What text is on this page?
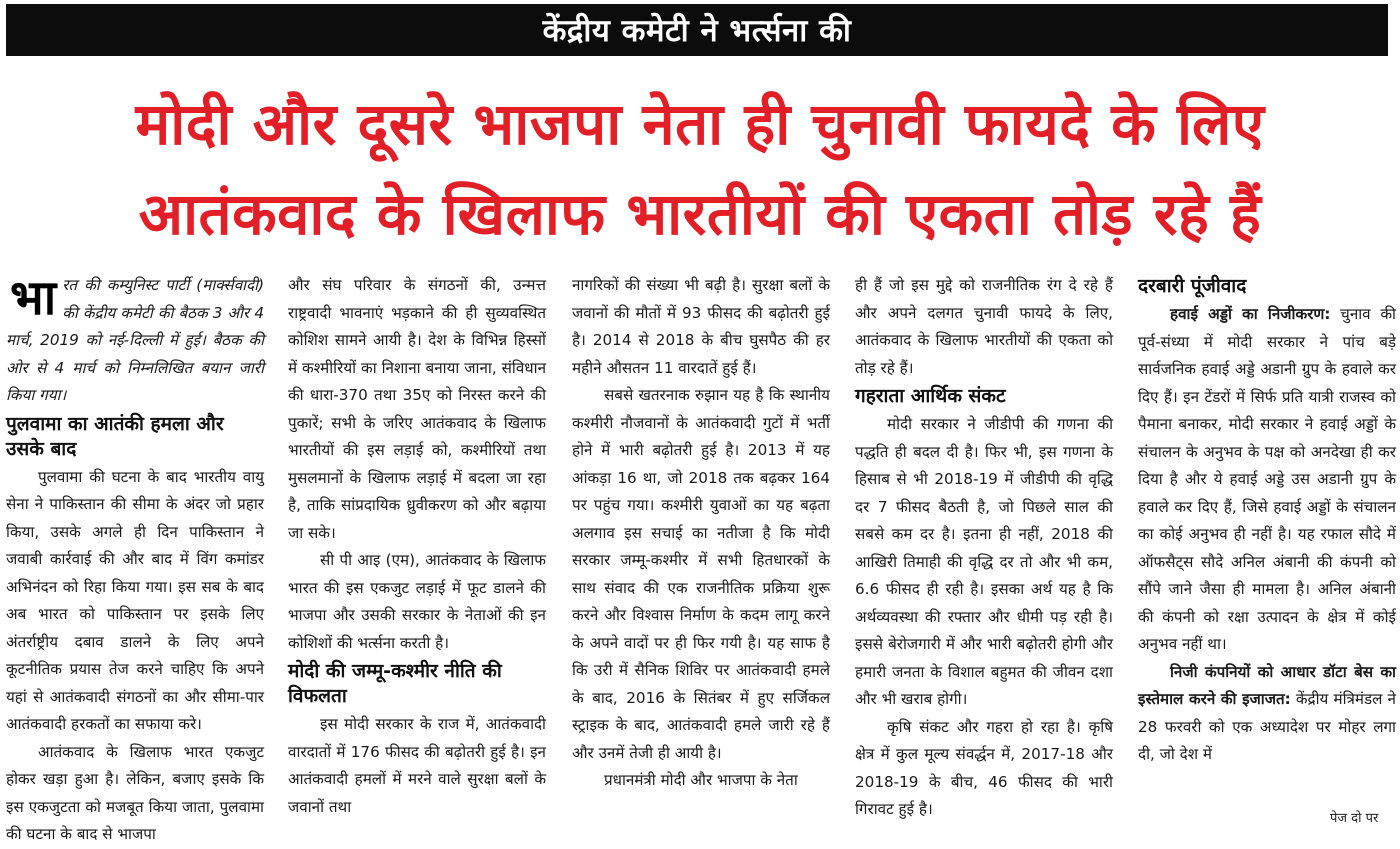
केंद्रीय कमेटी ने भर्त्सना की
मोदी और दूसरे भाजपा नेता ही चुनावी फायदे के लिए
आतंकवाद के खिलाफ भारतीयों की एकता तोड़ रहे हैं

भारत की कम्युनिस्ट पार्टी (मार्क्सवादी) की केंद्रीय कमेटी की बैठक 3 और 4 मार्च, 2019 को नई-दिल्ली में हुई। बैठक की ओर से 4 मार्च को निम्नलिखित बयान जारी किया गया।

पुलवामा का आतंकी हमला और उसके बाद

पुलवामा की घटना के बाद भारतीय वायु सेना ने पाकिस्तान की सीमा के अंदर जो प्रहार किया, उसके अगले ही दिन पाकिस्तान ने जवाबी कार्रवाई की और बाद में विंग कमांडर अभिनंदन को रिहा किया गया। इस सब के बाद अब भारत को पाकिस्तान पर इसके लिए अंतर्राष्ट्रीय दबाव डालने के लिए अपने कूटनीतिक प्रयास तेज करने चाहिए कि अपने यहां से आतंकवादी संगठनों का और सीमा-पार आतंकवादी हरकतों का सफाया करे।

आतंकवाद के खिलाफ भारत एकजुट होकर खड़ा हुआ है। लेकिन, बजाए इसके कि इस एकजुटता को मजबूत किया जाता, पुलवामा की घटना के बाद से भाजपा

और संघ परिवार के संगठनों की, उन्मत्त राष्ट्रवादी भावनाएं भड़काने की ही सुव्यवस्थित कोशिश सामने आयी है। देश के विभिन्न हिस्सों में कश्मीरियों का निशाना बनाया जाना, संविधान की धारा-370 तथा 35ए को निरस्त करने की पुकारें; सभी के जरिए आतंकवाद के खिलाफ भारतीयों की इस लड़ाई को, कश्मीरियों तथा मुसलमानों के खिलाफ लड़ाई में बदला जा रहा है, ताकि सांप्रदायिक ध्रुवीकरण को और बढ़ाया जा सके।

सी पी आइ (एम), आतंकवाद के खिलाफ भारत की इस एकजुट लड़ाई में फूट डालने की भाजपा और उसकी सरकार के नेताओं की इन कोशिशों की भर्त्सना करती है।

मोदी की जम्मू-कश्मीर नीति की विफलता

इस मोदी सरकार के राज में, आतंकवादी वारदातों में 176 फीसद की बढ़ोतरी हुई है। इन आतंकवादी हमलों में मरने वाले सुरक्षा बलों के जवानों तथा

नागरिकों की संख्या भी बढ़ी है। सुरक्षा बलों के जवानों की मौतों में 93 फीसद की बढ़ोतरी हुई है। 2014 से 2018 के बीच घुसपैठ की हर महीने औसतन 11 वारदातें हुई हैं।

सबसे खतरनाक रुझान यह है कि स्थानीय कश्मीरी नौजवानों के आतंकवादी गुटों में भर्ती होने में भारी बढ़ोतरी हुई है। 2013 में यह आंकड़ा 16 था, जो 2018 तक बढ़कर 164 पर पहुंच गया। कश्मीरी युवाओं का यह बढ़ता अलगाव इस सचाई का नतीजा है कि मोदी सरकार जम्मू-कश्मीर में सभी हितधारकों के साथ संवाद की एक राजनीतिक प्रक्रिया शुरू करने और विश्वास निर्माण के कदम लागू करने के अपने वादों पर ही फिर गयी है। यह साफ है कि उरी में सैनिक शिविर पर आतंकवादी हमले के बाद, 2016 के सितंबर में हुए सर्जिकल स्ट्राइक के बाद, आतंकवादी हमले जारी रहे हैं और उनमें तेजी ही आयी है।

प्रधानमंत्री मोदी और भाजपा के नेता

ही हैं जो इस मुद्दे को राजनीतिक रंग दे रहे हैं और अपने दलगत चुनावी फायदे के लिए, आतंकवाद के खिलाफ भारतीयों की एकता को तोड़ रहे हैं।

गहराता आर्थिक संकट

मोदी सरकार ने जीडीपी की गणना की पद्धति ही बदल दी है। फिर भी, इस गणना के हिसाब से भी 2018-19 में जीडीपी की वृद्धि दर 7 फीसद बैठती है, जो पिछले साल की सबसे कम दर है। इतना ही नहीं, 2018 की आखिरी तिमाही की वृद्धि दर तो और भी कम, 6.6 फीसद ही रही है। इसका अर्थ यह है कि अर्थव्यवस्था की रफ्तार और धीमी पड़ रही है। इससे बेरोजगारी में और भारी बढ़ोतरी होगी और हमारी जनता के विशाल बहुमत की जीवन दशा और भी खराब होगी।

कृषि संकट और गहरा हो रहा है। कृषि क्षेत्र में कुल मूल्य संवर्द्धन में, 2017-18 और 2018-19 के बीच, 46 फीसद की भारी गिरावट हुई है।

दरबारी पूंजीवाद

हवाई अड्डों का निजीकरण: चुनाव की पूर्व-संध्या में मोदी सरकार ने पांच बड़े सार्वजनिक हवाई अड्डे अडानी ग्रुप के हवाले कर दिए हैं। इन टेंडरों में सिर्फ प्रति यात्री राजस्व को पैमाना बनाकर, मोदी सरकार ने हवाई अड्डों के संचालन के अनुभव के पक्ष को अनदेखा ही कर दिया है और ये हवाई अड्डे उस अडानी ग्रुप के हवाले कर दिए हैं, जिसे हवाई अड्डों के संचालन का कोई अनुभव ही नहीं है। यह रफाल सौदे में ऑफसैट्स सौदे अनिल अंबानी की कंपनी को सौंपे जाने जैसा ही मामला है। अनिल अंबानी की कंपनी को रक्षा उत्पादन के क्षेत्र में कोई अनुभव नहीं था।

निजी कंपनियों को आधार डॉटा बेस का इस्तेमाल करने की इजाजत: केंद्रीय मंत्रिमंडल ने 28 फरवरी को एक अध्यादेश पर मोहर लगा दी, जो देश में

पेज दो पर
